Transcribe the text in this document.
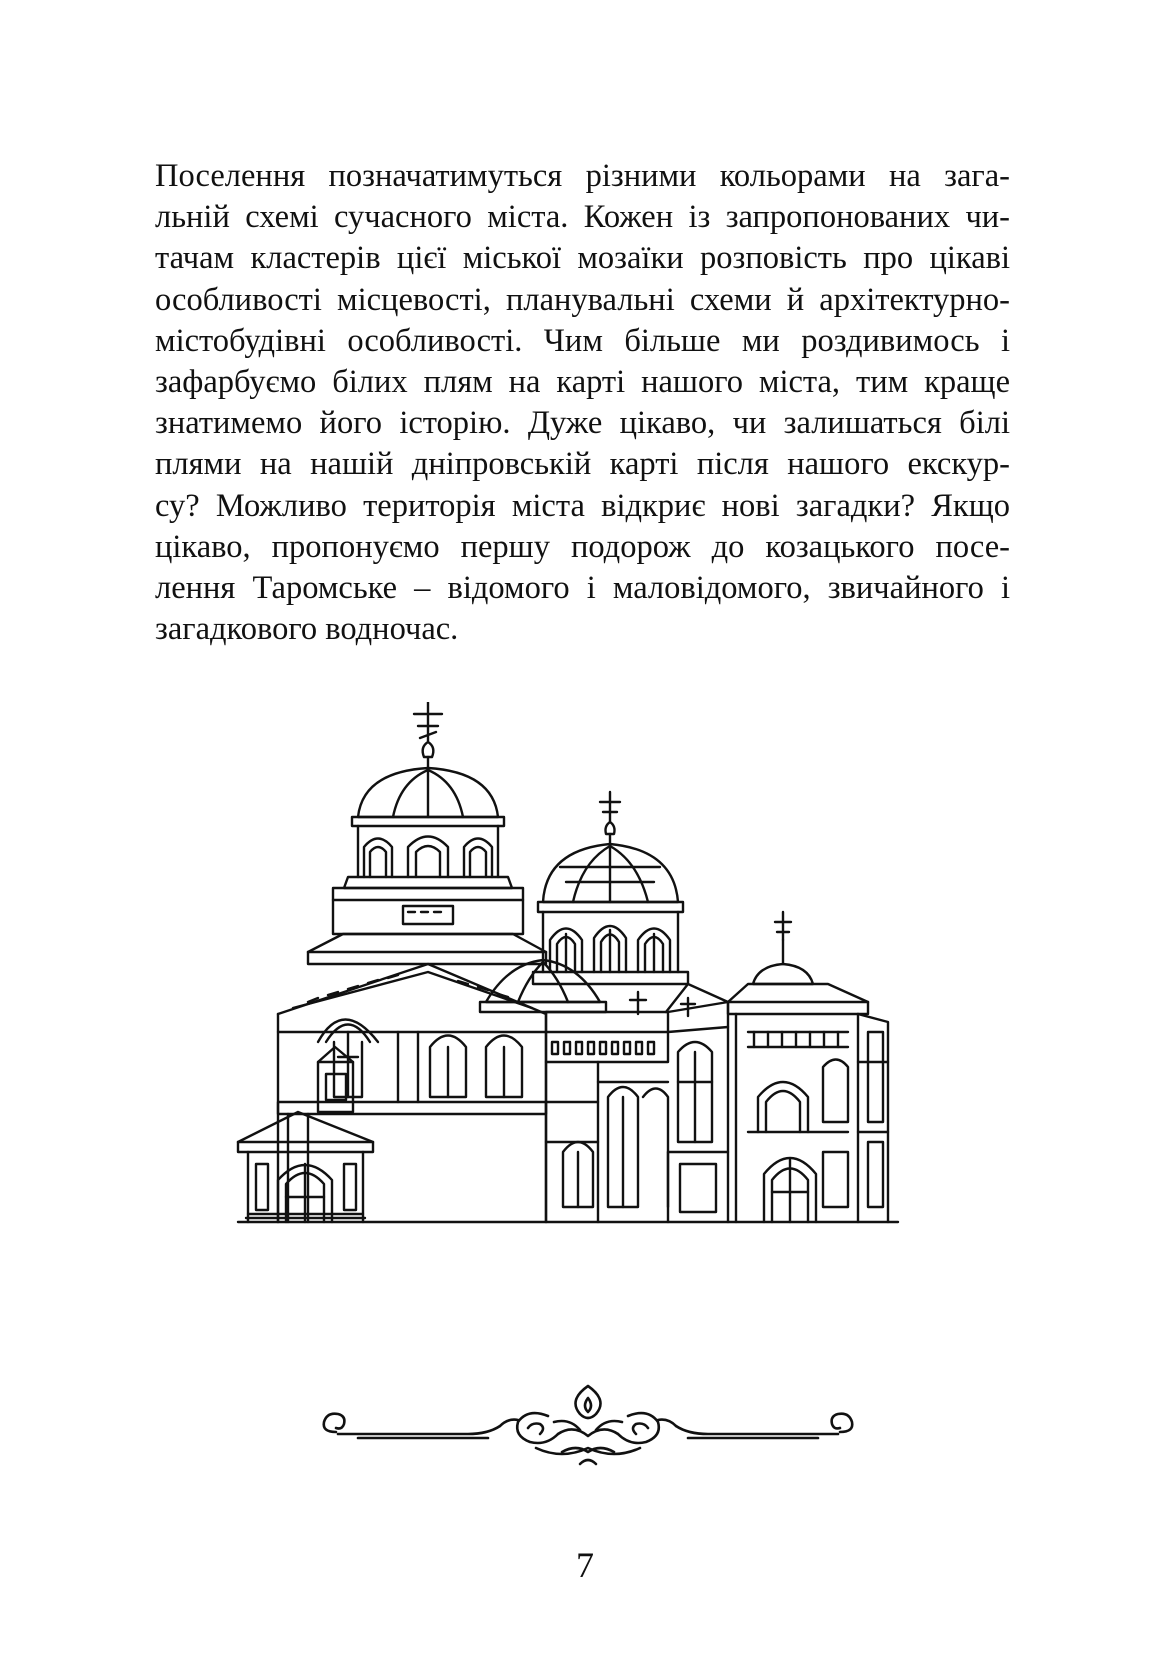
Поселення позначатимуться різними кольорами на зага-
льній схемі сучасного міста. Кожен із запропонованих чи-
тачам кластерів цієї міської мозаїки розповість про цікаві
особливості місцевості, планувальні схеми й архітектурно-
містобудівні особливості. Чим більше ми роздивимось і
зафарбуємо білих плям на карті нашого міста, тим краще
знатимемо його історію. Дуже цікаво, чи залишаться білі
плями на нашій дніпровській карті після нашого екскур-
су? Можливо територія міста відкриє нові загадки? Якщо
цікаво, пропонуємо першу подорож до козацького посе-
лення Таромське – відомого і маловідомого, звичайного і
загадкового водночас.
7
